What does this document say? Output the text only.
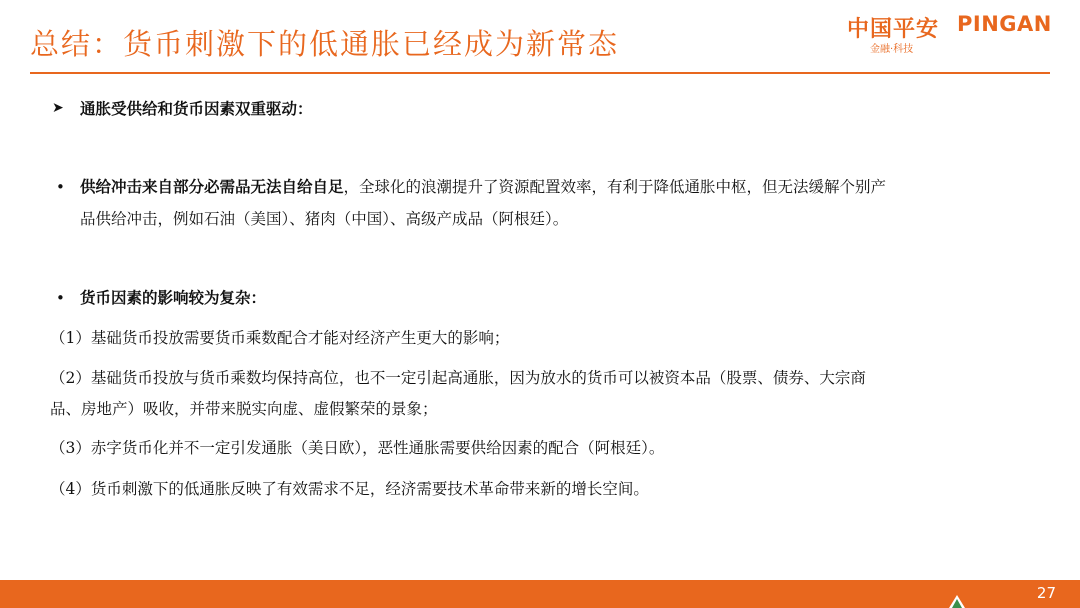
总结：货币刺激下的低通胀已经成为新常态	中国平安 PINGAN
金融·科技
➤ 通胀受供给和货币因素双重驱动：
• 供给冲击来自部分必需品无法自给自足，全球化的浪潮提升了资源配置效率，有利于降低通胀中枢，但无法缓解个别产
品供给冲击，例如石油（美国）、猪肉（中国）、高级产成品（阿根廷）。
• 货币因素的影响较为复杂：
（1）基础货币投放需要货币乘数配合才能对经济产生更大的影响；
（2）基础货币投放与货币乘数均保持高位，也不一定引起高通胀，因为放水的货币可以被资本品（股票、债券、大宗商
品、房地产）吸收，并带来脱实向虚、虚假繁荣的景象；
（3）赤字货币化并不一定引发通胀（美日欧），恶性通胀需要供给因素的配合（阿根廷）。
（4）货币刺激下的低通胀反映了有效需求不足，经济需要技术革命带来新的增长空间。
27
